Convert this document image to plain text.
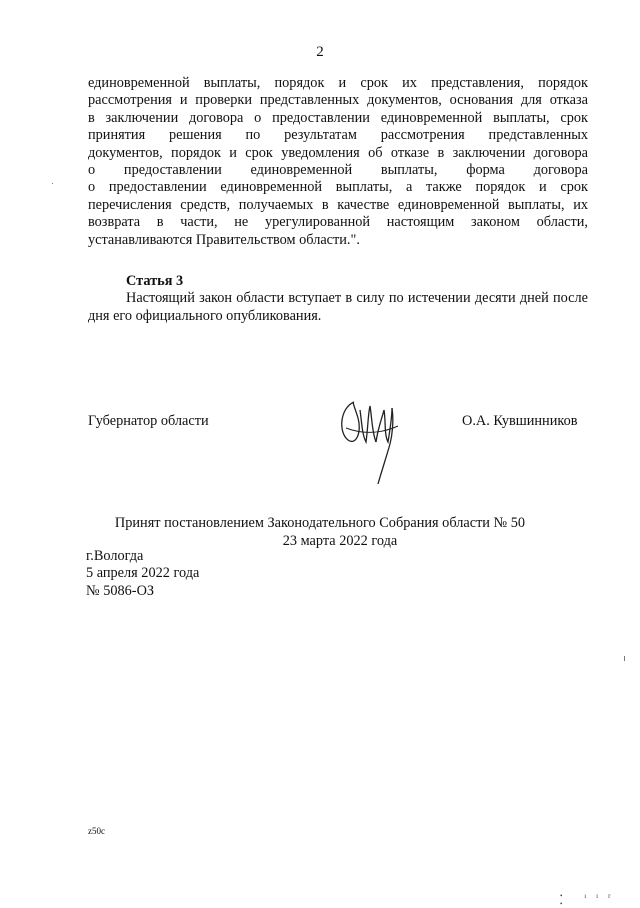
2
единовременной выплаты, порядок и срок их представления, порядок
рассмотрения и проверки представленных документов, основания для отказа
в заключении договора о предоставлении единовременной выплаты, срок
принятия решения по результатам рассмотрения представленных
документов, порядок и срок уведомления об отказе в заключении договора
о предоставлении единовременной выплаты, форма договора
о предоставлении единовременной выплаты, а также порядок и срок
перечисления средств, получаемых в качестве единовременной выплаты, их
возврата в части, не урегулированной настоящим законом области,
устанавливаются Правительством области.".
Статья 3
Настоящий закон области вступает в силу по истечении десяти дней после дня его официального опубликования.
Губернатор области	О.А. Кувшинников
Принят постановлением Законодательного Собрания области № 50
23 марта 2022 года
г.Вологда
5 апреля 2022 года
№ 5086-ОЗ
z50c
• ıır •
